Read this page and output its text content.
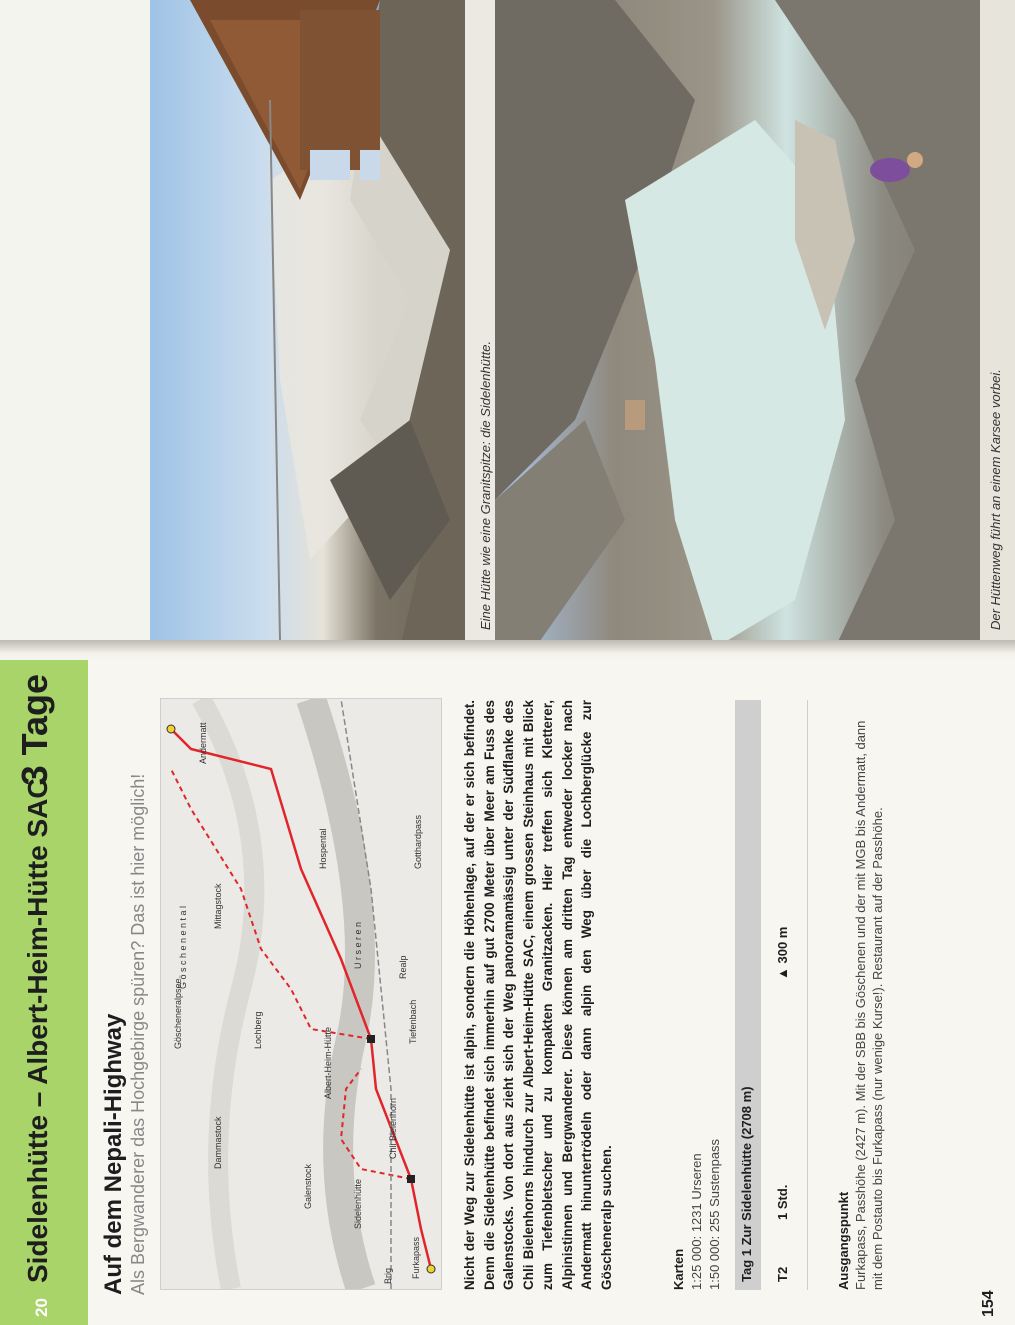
Eine Hütte wie eine Granitspitze: die Sidelenhütte.	Der Hüttenweg führt an einem Karsee vorbei.
20
Sidelenhütte – Albert-Heim-Hütte SAC
3 Tage
Auf dem Nepali-Highway Als Bergwanderer das Hochgebirge spüren? Das ist hier möglich!
Andermatt
Hospental
Realp
Tiefenbach
Furkapass
Chli Bielenhorn
Albert-Heim-Hütte
Sidelenhütte
Galenstock
Dammastock
Lochberg
Mittagstock
G ö s c h e n e n t a l	U r s e r e n
Gotthardpass
Göscheneralpsee
Brig	Nicht der Weg zur Sidelenhütte ist alpin, sondern die Höhenlage, auf der er sich befindet. Denn die Sidelenhütte befindet sich immerhin auf gut 2700 Meter über Meer am Fuss des Galenstocks. Von dort aus zieht sich der Weg panoramamässig unter der Südflanke des Chli Bielenhorns hindurch zur Albert-Heim-Hütte SAC, einem grossen Steinhaus mit Blick zum Tiefenbletscher und zu kompakten Granitzacken. Hier treffen sich Kletterer, Alpinistinnen und Bergwanderer. Diese können am dritten Tag entweder locker nach Andermatt hinuntertrödeln oder dann alpin den Weg über die Lochberglücke zur Göscheneralp suchen.	Karten 1:25 000: 1231 Urseren 1:50 000: 255 Sustenpass Tag 1 Zur Sidelenhütte (2708 m) T2
1 Std.
▲ 300 m
Ausgangspunkt Furkapass, Passhöhe (2427 m). Mit der SBB bis Göschenen und der mit MGB bis Andermatt, dann mit dem Postauto bis Furkapass (nur wenige Kurse!). Restaurant auf der Passhöhe.
154
